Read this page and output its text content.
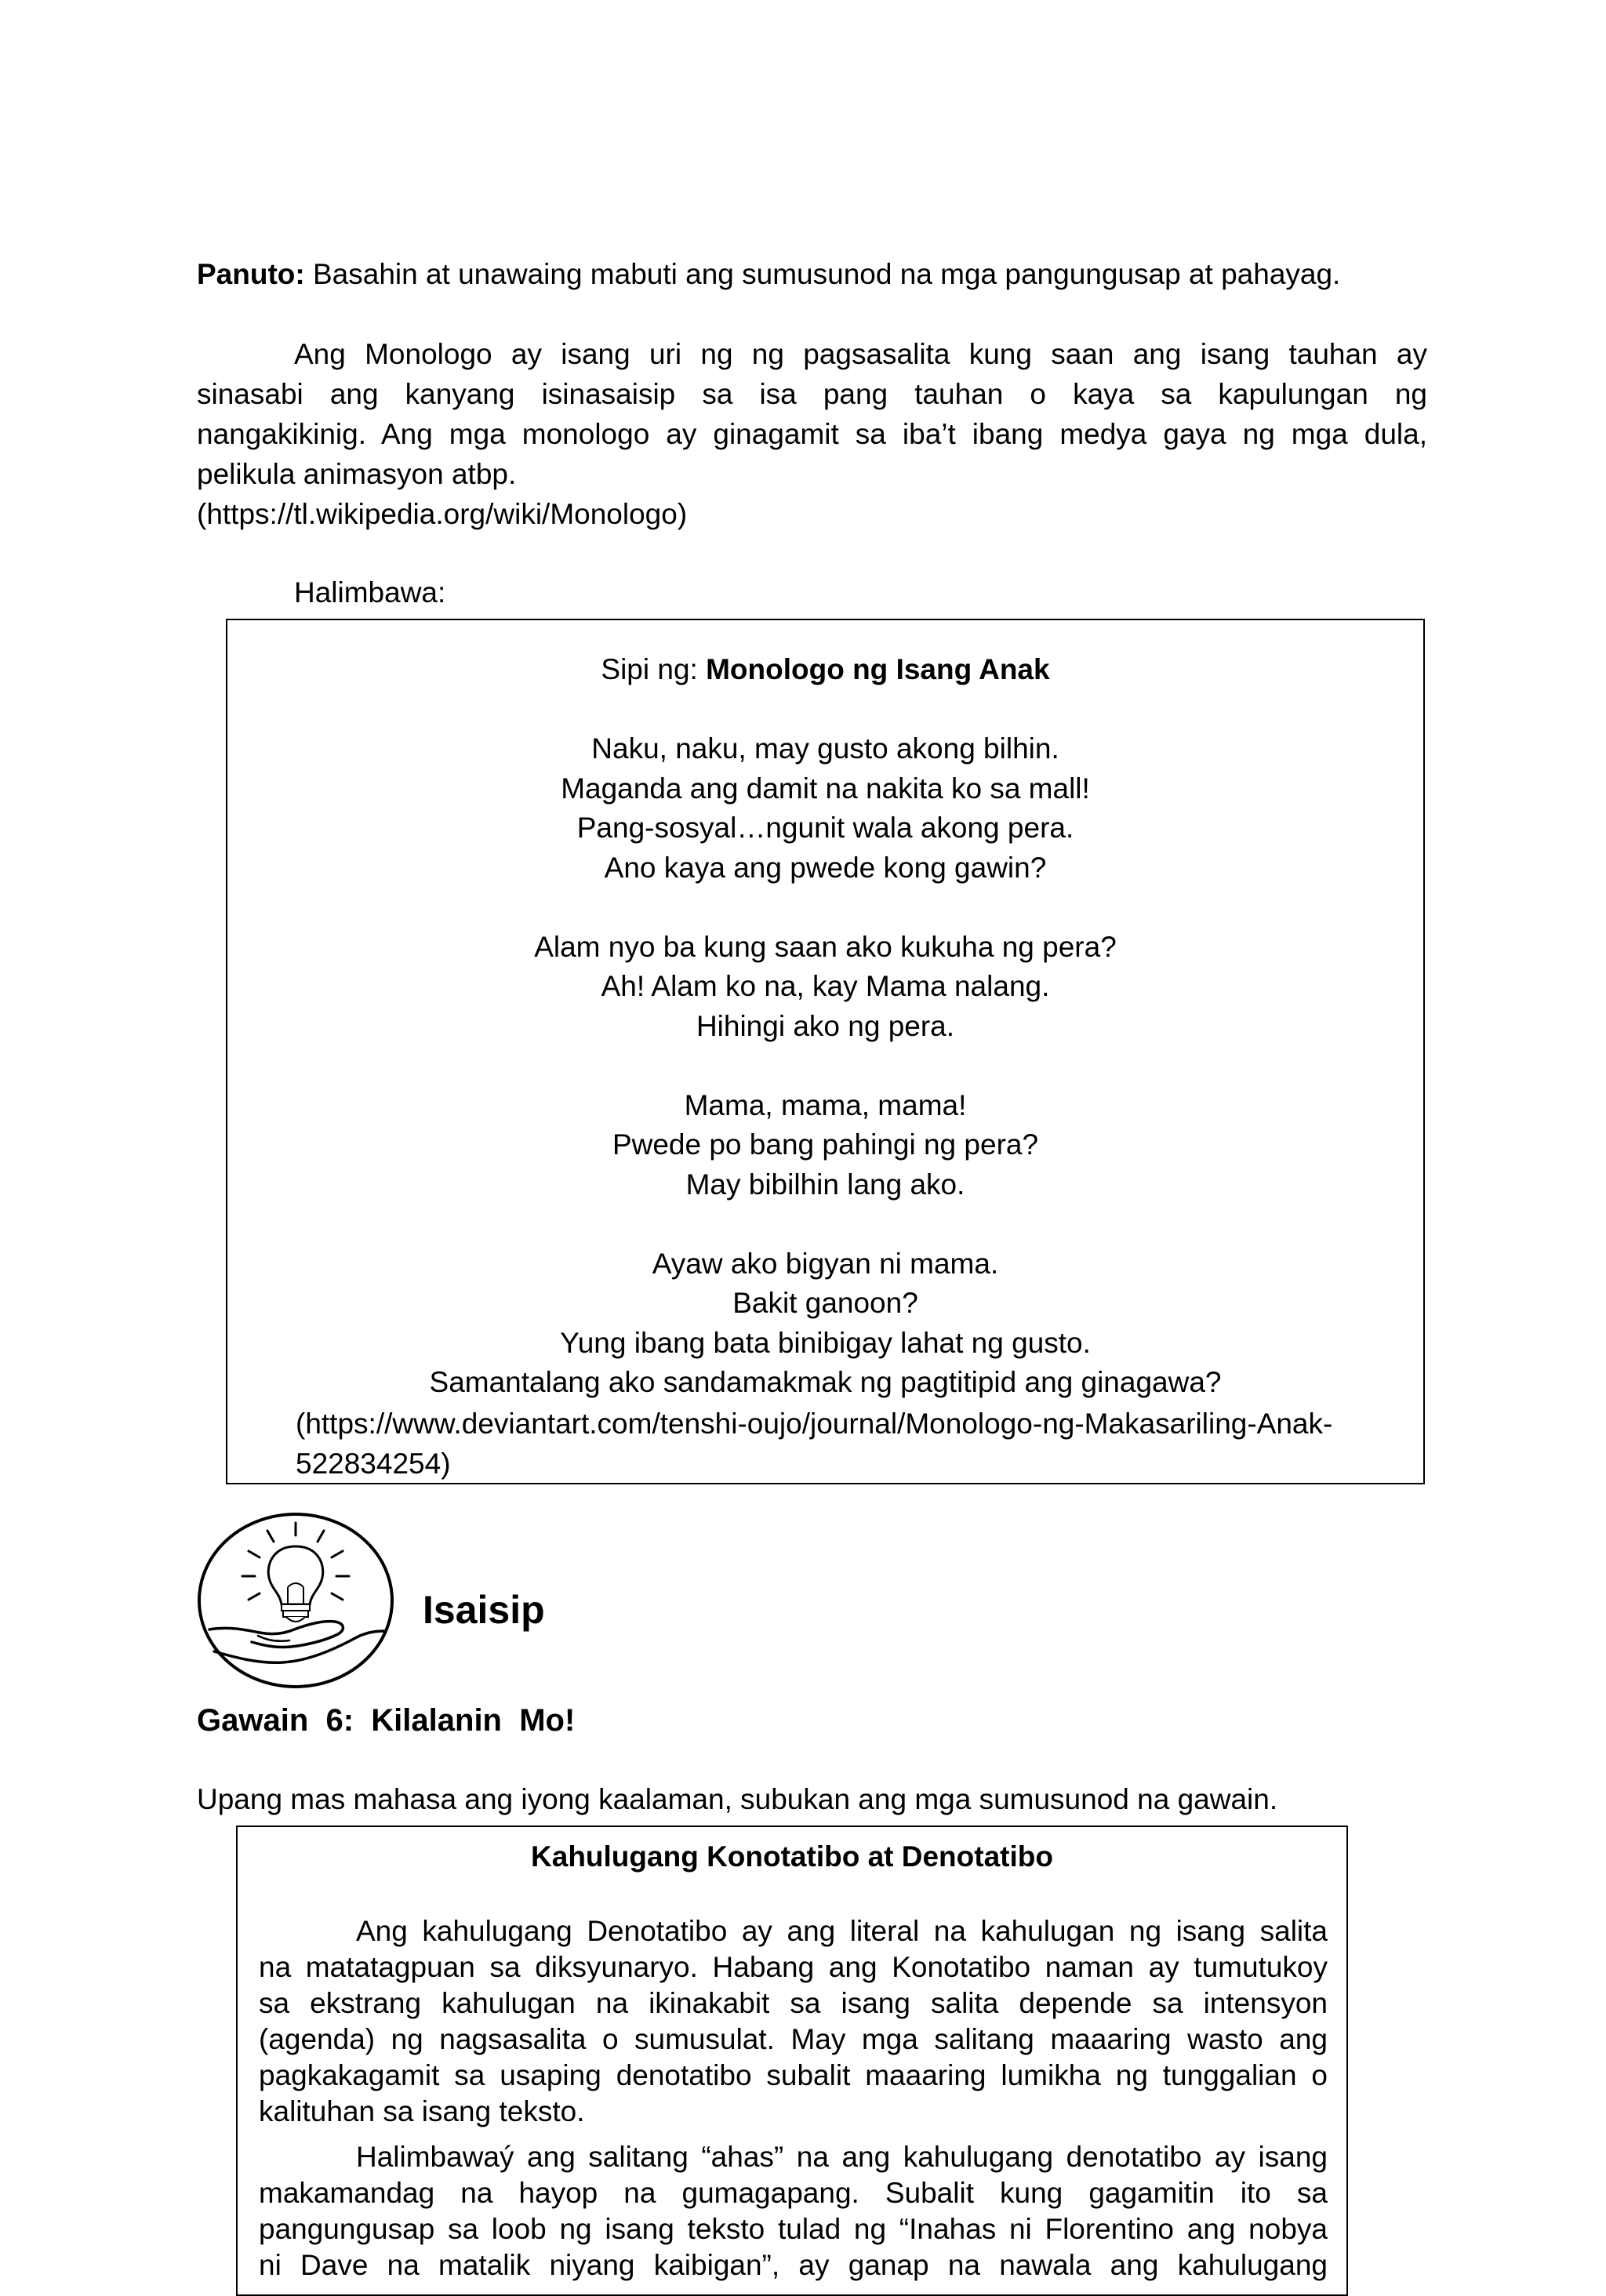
Panuto: Basahin at unawaing mabuti ang sumusunod na mga pangungusap at pahayag.
Ang Monologo ay isang uri ng ng pagsasalita kung saan ang isang tauhan ay
sinasabi ang kanyang isinasaisip sa isa pang tauhan o kaya sa kapulungan ng
nangakikinig. Ang mga monologo ay ginagamit sa iba’t ibang medya gaya ng mga dula,
pelikula animasyon atbp.
(https://tl.wikipedia.org/wiki/Monologo)
Halimbawa:
Sipi ng: Monologo ng Isang Anak
Naku, naku, may gusto akong bilhin.
Maganda ang damit na nakita ko sa mall!
Pang-sosyal…ngunit wala akong pera.
Ano kaya ang pwede kong gawin?
Alam nyo ba kung saan ako kukuha ng pera?
Ah! Alam ko na, kay Mama nalang.
Hihingi ako ng pera.
Mama, mama, mama!
Pwede po bang pahingi ng pera?
May bibilhin lang ako.
Ayaw ako bigyan ni mama.
Bakit ganoon?
Yung ibang bata binibigay lahat ng gusto.
Samantalang ako sandamakmak ng pagtitipid ang ginagawa?
(https://www.deviantart.com/tenshi-oujo/journal/Monologo-ng-Makasariling-Anak-
522834254)
Isaisip
Gawain  6:  Kilalanin  Mo!
Upang mas mahasa ang iyong kaalaman, subukan ang mga sumusunod na gawain.
Kahulugang Konotatibo at Denotatibo
Ang kahulugang Denotatibo ay ang literal na kahulugan ng isang salita
na matatagpuan sa diksyunaryo. Habang ang Konotatibo naman ay tumutukoy
sa ekstrang kahulugan na ikinakabit sa isang salita depende sa intensyon
(agenda) ng nagsasalita o sumusulat. May mga salitang maaaring wasto ang
pagkakagamit sa usaping denotatibo subalit maaaring lumikha ng tunggalian o
kalituhan sa isang teksto.
Halimbawaý ang salitang “ahas” na ang kahulugang denotatibo ay isang
makamandag na hayop na gumagapang. Subalit kung gagamitin ito sa
pangungusap sa loob ng isang teksto tulad ng “Inahas ni Florentino ang nobya
ni Dave na matalik niyang kaibigan”, ay ganap na nawala ang kahulugang
